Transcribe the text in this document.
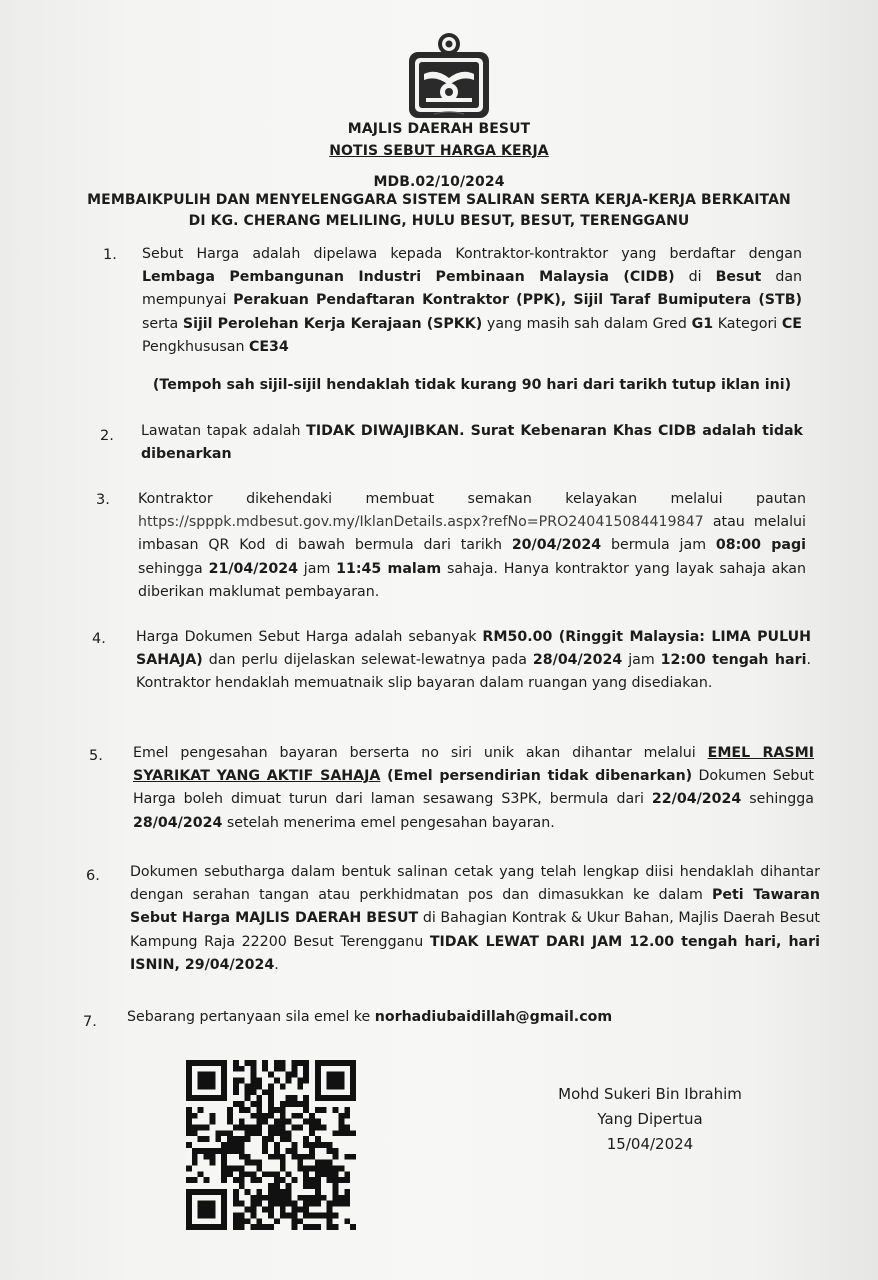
MAJLIS DAERAH BESUT
NOTIS SEBUT HARGA KERJA
MDB.02/10/2024
MEMBAIKPULIH DAN MENYELENGGARA SISTEM SALIRAN SERTA KERJA-KERJA BERKAITAN
DI KG. CHERANG MELILING, HULU BESUT, BESUT, TERENGGANU
1. Sebut Harga adalah dipelawa kepada Kontraktor-kontraktor yang berdaftar dengan Lembaga Pembangunan Industri Pembinaan Malaysia (CIDB) di Besut dan mempunyai Perakuan Pendaftaran Kontraktor (PPK), Sijil Taraf Bumiputera (STB) serta Sijil Perolehan Kerja Kerajaan (SPKK) yang masih sah dalam Gred G1 Kategori CE Pengkhususan CE34
(Tempoh sah sijil-sijil hendaklah tidak kurang 90 hari dari tarikh tutup iklan ini)
2. Lawatan tapak adalah TIDAK DIWAJIBKAN. Surat Kebenaran Khas CIDB adalah tidak dibenarkan
3. Kontraktor dikehendaki membuat semakan kelayakan melalui pautan https://spppk.mdbesut.gov.my/IklanDetails.aspx?refNo=PRO240415084419847 atau melalui imbasan QR Kod di bawah bermula dari tarikh 20/04/2024 bermula jam 08:00 pagi sehingga 21/04/2024 jam 11:45 malam sahaja. Hanya kontraktor yang layak sahaja akan diberikan maklumat pembayaran.
4. Harga Dokumen Sebut Harga adalah sebanyak RM50.00 (Ringgit Malaysia: LIMA PULUH SAHAJA) dan perlu dijelaskan selewat-lewatnya pada 28/04/2024 jam 12:00 tengah hari. Kontraktor hendaklah memuatnaik slip bayaran dalam ruangan yang disediakan.
5. Emel pengesahan bayaran berserta no siri unik akan dihantar melalui EMEL RASMI SYARIKAT YANG AKTIF SAHAJA (Emel persendirian tidak dibenarkan) Dokumen Sebut Harga boleh dimuat turun dari laman sesawang S3PK, bermula dari 22/04/2024 sehingga 28/04/2024 setelah menerima emel pengesahan bayaran.
6. Dokumen sebutharga dalam bentuk salinan cetak yang telah lengkap diisi hendaklah dihantar dengan serahan tangan atau perkhidmatan pos dan dimasukkan ke dalam Peti Tawaran Sebut Harga MAJLIS DAERAH BESUT di Bahagian Kontrak & Ukur Bahan, Majlis Daerah Besut Kampung Raja 22200 Besut Terengganu TIDAK LEWAT DARI JAM 12.00 tengah hari, hari ISNIN, 29/04/2024.
7. Sebarang pertanyaan sila emel ke norhadiubaidillah@gmail.com
Mohd Sukeri Bin Ibrahim
Yang Dipertua
15/04/2024
